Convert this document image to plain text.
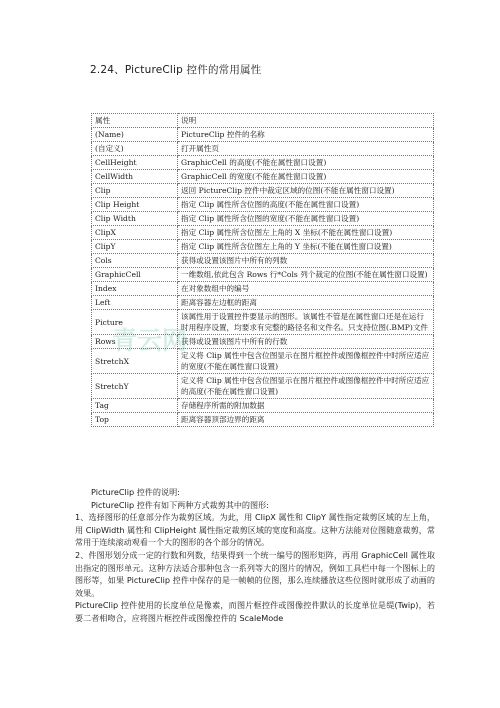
2.24、PictureClip 控件的常用属性
属性	说明
(Name)	PictureClip 控件的名称
(自定义)	打开属性页
CellHeight	GraphicCell 的高度(不能在属性窗口设置)
CellWidth	GraphicCell 的宽度(不能在属性窗口设置)
Clip	返回 PictureClip 控件中裁定区域的位图(不能在属性窗口设置)
Clip Height	指定 Clip 属性所含位图的高度(不能在属性窗口设置)
Clip Width	指定 Clip 属性所含位图的宽度(不能在属性窗口设置)
ClipX	指定 Clip 属性所含位图左上角的 X 坐标(不能在属性窗口设置)
ClipY	指定 Clip 属性所含位图左上角的 Y 坐标(不能在属性窗口设置)
Cols	获得或设置该图片中所有的列数
GraphicCell	一维数组,依此包含 Rows 行*Cols 列个裁定的位图(不能在属性窗口设置)
Index	在对象数组中的编号
Left	距离容器左边框的距离
Picture	该属性用于设置控件要显示的图形。该属性不管是在属性窗口还是在运行时用程序设置，均要求有完整的路径名和文件名。只支持位图(.BMP)文件
Rows	获得或设置该图片中所有的行数
StretchX	定义将 Clip 属性中包含位图显示在图片框控件或图像框控件中时所应适应的宽度(不能在属性窗口设置)
StretchY	定义将 Clip 属性中包含位图显示在图片框控件或图像框控件中时所应适应的高度(不能在属性窗口设置)
Tag	存储程序所需的附加数据
Top	距离容器顶部边界的距离
青云网

PictureClip 控件的说明:

PictureClip 控件有如下两种方式裁剪其中的图形:

1、选择图形的任意部分作为裁剪区域。为此，用 ClipX 属性和 ClipY 属性指定裁剪区域的左上角，用 ClipWidth 属性和 ClipHeight 属性指定裁剪区域的宽度和高度。这种方法能对位图随意裁剪，常常用于连续滚动观看一个大的图形的各个部分的情况。

2、件图形划分成一定的行数和列数，结果得到一个统一编号的图形矩阵，再用 GraphicCell 属性取出指定的图形单元。这种方法适合那种包含一系列等大的图片的情况，例如工具栏中每一个图标上的图形等，如果 PictureClip 控件中保存的是一帧帧的位图，那么连续播放这些位图时就形成了动画的效果。

PictureClip 控件使用的长度单位是像素，而图片框控件或图像控件默认的长度单位是缇(Twip)，若要二者相吻合，应将图片框控件或图像控件的 ScaleMode
